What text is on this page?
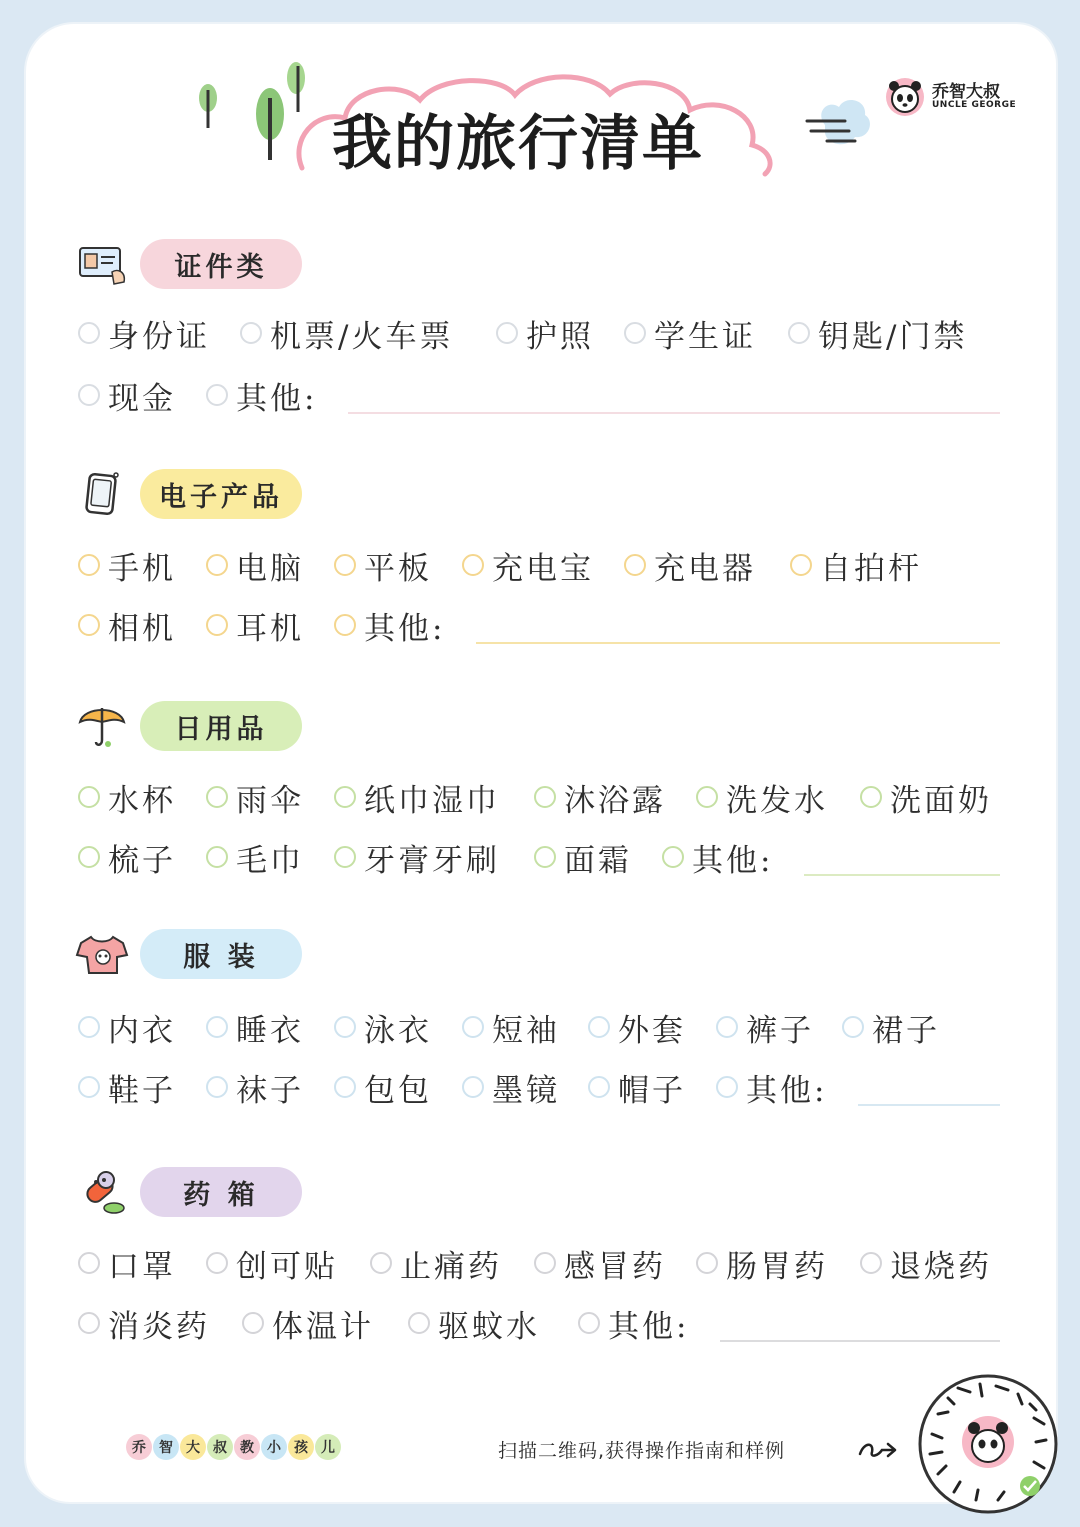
我的旅行清单
乔智大叔
UNCLE GEORGE
证件类
身份证 机票/火车票 护照 学生证 钥匙/门禁
现金 其他:
电子产品
手机 电脑 平板 充电宝 充电器 自拍杆
相机 耳机 其他:
日用品
水杯 雨伞 纸巾湿巾 沐浴露 洗发水 洗面奶
梳子 毛巾 牙膏牙刷 面霜 其他:
服 装
内衣 睡衣 泳衣 短袖 外套 裤子 裙子
鞋子 袜子 包包 墨镜 帽子 其他:
药 箱
口罩 创可贴 止痛药 感冒药 肠胃药 退烧药
消炎药 体温计 驱蚊水 其他:
乔 智 大 叔 教 小 孩 儿	扫描二维码,获得操作指南和样例
